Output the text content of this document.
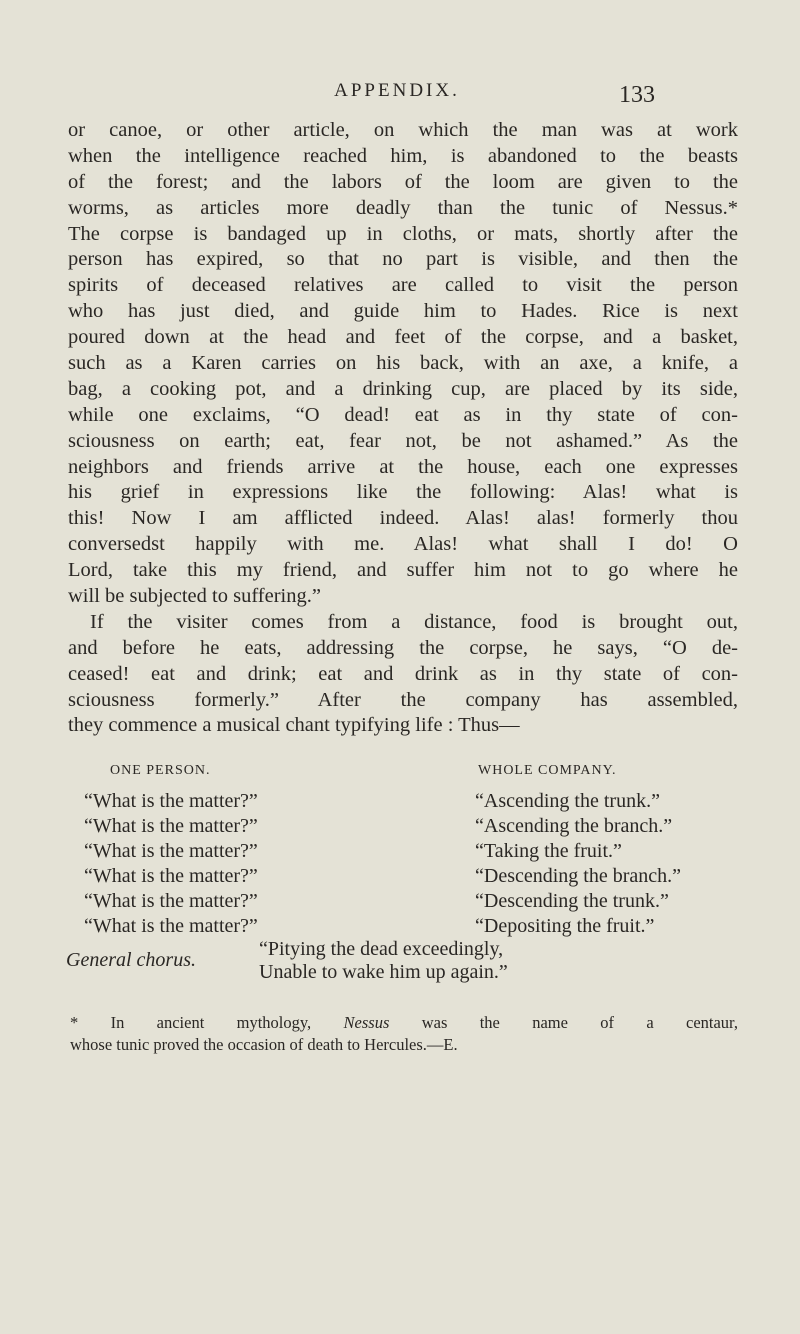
APPENDIX.	133
or canoe, or other article, on which the man was at work
when the intelligence reached him, is abandoned to the beasts
of the forest; and the labors of the loom are given to the
worms, as articles more deadly than the tunic of Nessus.*
The corpse is bandaged up in cloths, or mats, shortly after the
person has expired, so that no part is visible, and then the
spirits of deceased relatives are called to visit the person
who has just died, and guide him to Hades. Rice is next
poured down at the head and feet of the corpse, and a basket,
such as a Karen carries on his back, with an axe, a knife, a
bag, a cooking pot, and a drinking cup, are placed by its side,
while one exclaims, “O dead! eat as in thy state of con-
sciousness on earth; eat, fear not, be not ashamed.” As the
neighbors and friends arrive at the house, each one expresses
his grief in expressions like the following: Alas! what is
this! Now I am afflicted indeed. Alas! alas! formerly thou
conversedst happily with me. Alas! what shall I do! O
Lord, take this my friend, and suffer him not to go where he
will be subjected to suffering.”
If the visiter comes from a distance, food is brought out,
and before he eats, addressing the corpse, he says, “O de-
ceased! eat and drink; eat and drink as in thy state of con-
sciousness formerly.” After the company has assembled,
they commence a musical chant typifying life : Thus—
ONE PERSON.	WHOLE COMPANY.
“What is the matter?”	“Ascending the trunk.”
“What is the matter?”	“Ascending the branch.”
“What is the matter?”	“Taking the fruit.”
“What is the matter?”	“Descending the branch.”
“What is the matter?”	“Descending the trunk.”
“What is the matter?”	“Depositing the fruit.”
General chorus.	“Pitying the dead exceedingly,
Unable to wake him up again.”
* In ancient mythology, Nessus was the name of a centaur,
whose tunic proved the occasion of death to Hercules.—E.
